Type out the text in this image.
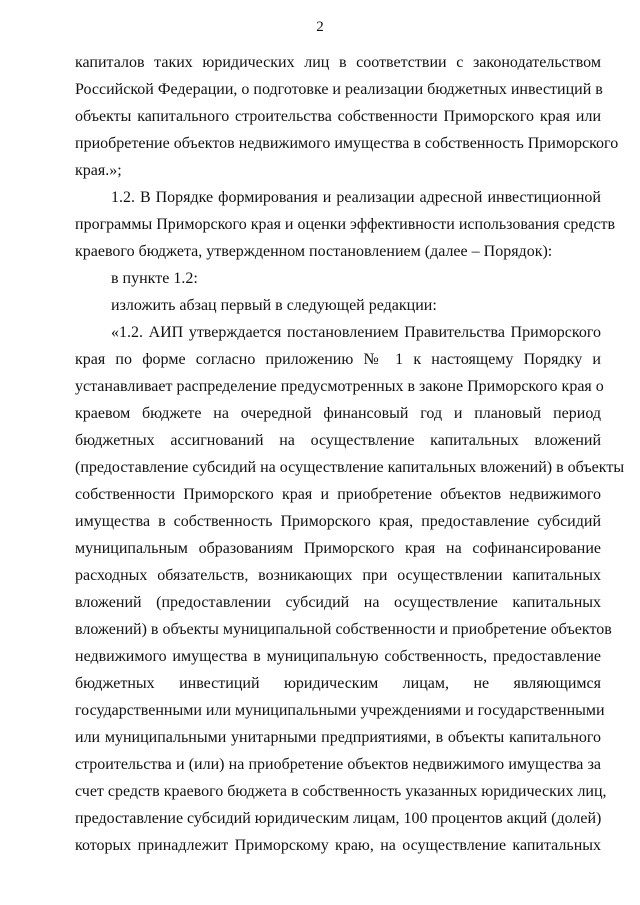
2
капиталов таких юридических лиц в соответствии с законодательством
Российской Федерации, о подготовке и реализации бюджетных инвестиций в
объекты капитального строительства собственности Приморского края или
приобретение объектов недвижимого имущества в собственность Приморского
края.»;
1.2. В Порядке формирования и реализации адресной инвестиционной
программы Приморского края и оценки эффективности использования средств
краевого бюджета, утвержденном постановлением (далее – Порядок):
в пункте 1.2:
изложить абзац первый в следующей редакции:
«1.2. АИП утверждается постановлением Правительства Приморского
края по форме согласно приложению № 1 к настоящему Порядку и
устанавливает распределение предусмотренных в законе Приморского края о
краевом бюджете на очередной финансовый год и плановый период
бюджетных ассигнований на осуществление капитальных вложений
(предоставление субсидий на осуществление капитальных вложений) в объекты
собственности Приморского края и приобретение объектов недвижимого
имущества в собственность Приморского края, предоставление субсидий
муниципальным образованиям Приморского края на софинансирование
расходных обязательств, возникающих при осуществлении капитальных
вложений (предоставлении субсидий на осуществление капитальных
вложений) в объекты муниципальной собственности и приобретение объектов
недвижимого имущества в муниципальную собственность, предоставление
бюджетных инвестиций юридическим лицам, не являющимся
государственными или муниципальными учреждениями и государственными
или муниципальными унитарными предприятиями, в объекты капитального
строительства и (или) на приобретение объектов недвижимого имущества за
счет средств краевого бюджета в собственность указанных юридических лиц,
предоставление субсидий юридическим лицам, 100 процентов акций (долей)
которых принадлежит Приморскому краю, на осуществление капитальных
